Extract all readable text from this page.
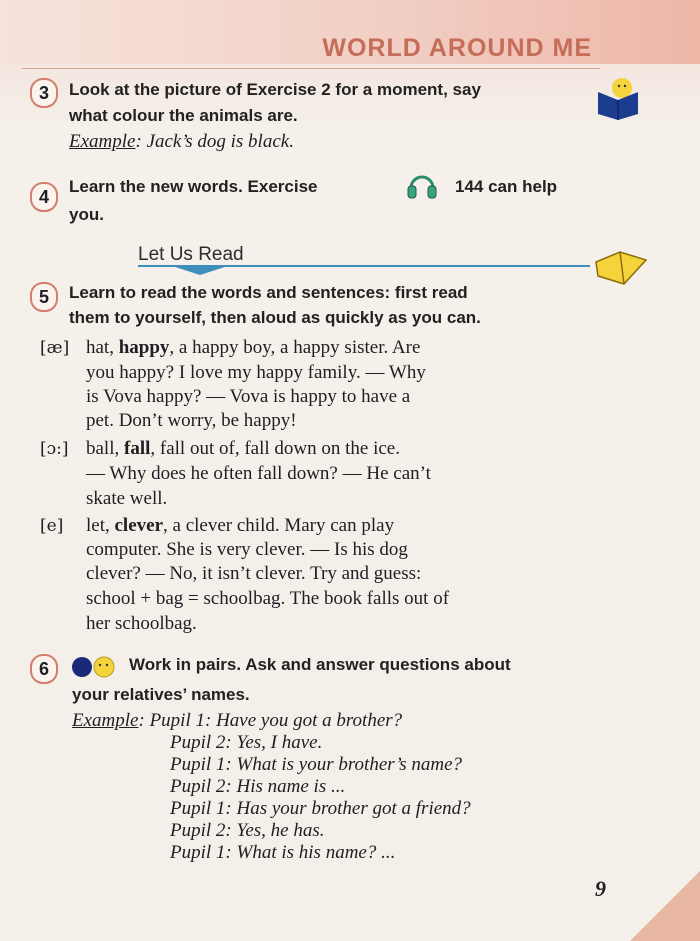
WORLD AROUND ME
3	Look at the picture of Exercise 2 for a moment, say
what colour the animals are.
Example: Jack’s dog is black.
4
Learn the new words. Exercise	144 can help
you.
Let Us Read
5	Learn to read the words and sentences: first read
them to yourself, then aloud as quickly as you can.
[æ] hat, happy, a happy boy, a happy sister. Are
you happy? I love my happy family. — Why
is Vova happy? — Vova is happy to have a
pet. Don’t worry, be happy!
[ɔ:] ball, fall, fall out of, fall down on the ice.
— Why does he often fall down? — He can’t
skate well.
[e] let, clever, a clever child. Mary can play
computer. She is very clever. — Is his dog
clever? — No, it isn’t clever. Try and guess:
school + bag = schoolbag. The book falls out of
her schoolbag.
6	Work in pairs. Ask and answer questions about
your relatives’ names.
Example: Pupil 1: Have you got a brother?
Pupil 2: Yes, I have.
Pupil 1: What is your brother’s name?
Pupil 2: His name is ...
Pupil 1: Has your brother got a friend?
Pupil 2: Yes, he has.
Pupil 1: What is his name? ...
9
